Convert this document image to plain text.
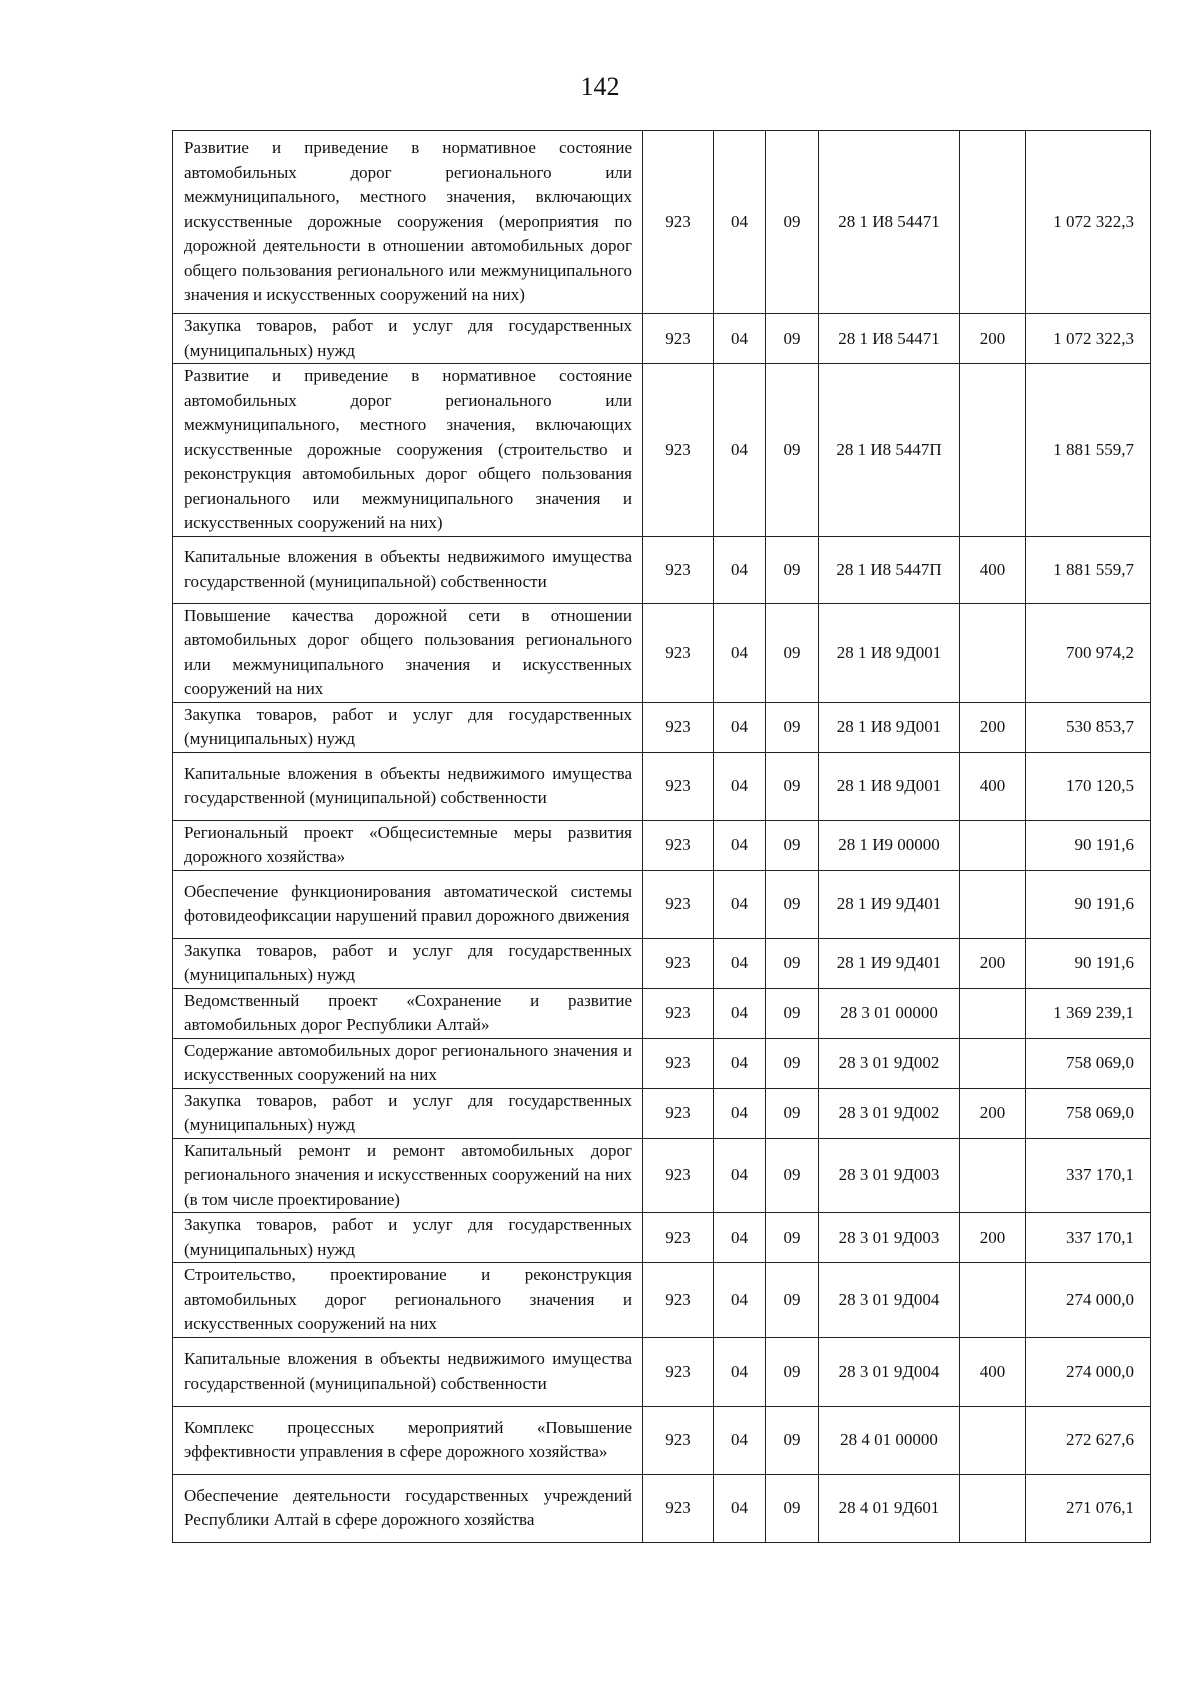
142
Развитие и приведение в нормативное состояние автомобильных дорог регионального или межмуниципального, местного значения, включающих искусственные дорожные сооружения (мероприятия по дорожной деятельности в отношении автомобильных дорог общего пользования регионального или межмуниципального значения и искусственных сооружений на них)	923	04	09	28 1 И8 54471		1 072 322,3
Закупка товаров, работ и услуг для государственных (муниципальных) нужд	923	04	09	28 1 И8 54471	200	1 072 322,3
Развитие и приведение в нормативное состояние автомобильных дорог регионального или межмуниципального, местного значения, включающих искусственные дорожные сооружения (строительство и реконструкция автомобильных дорог общего пользования регионального или межмуниципального значения и искусственных сооружений на них)	923	04	09	28 1 И8 5447П		1 881 559,7
Капитальные вложения в объекты недвижимого имущества государственной (муниципальной) собственности	923	04	09	28 1 И8 5447П	400	1 881 559,7
Повышение качества дорожной сети в отношении автомобильных дорог общего пользования регионального или межмуниципального значения и искусственных сооружений на них	923	04	09	28 1 И8 9Д001		700 974,2
Закупка товаров, работ и услуг для государственных (муниципальных) нужд	923	04	09	28 1 И8 9Д001	200	530 853,7
Капитальные вложения в объекты недвижимого имущества государственной (муниципальной) собственности	923	04	09	28 1 И8 9Д001	400	170 120,5
Региональный проект «Общесистемные меры развития дорожного хозяйства»	923	04	09	28 1 И9 00000		90 191,6
Обеспечение функционирования автоматической системы фотовидеофиксации нарушений правил дорожного движения	923	04	09	28 1 И9 9Д401		90 191,6
Закупка товаров, работ и услуг для государственных (муниципальных) нужд	923	04	09	28 1 И9 9Д401	200	90 191,6
Ведомственный проект «Сохранение и развитие автомобильных дорог Республики Алтай»	923	04	09	28 3 01 00000		1 369 239,1
Содержание автомобильных дорог регионального значения и искусственных сооружений на них	923	04	09	28 3 01 9Д002		758 069,0
Закупка товаров, работ и услуг для государственных (муниципальных) нужд	923	04	09	28 3 01 9Д002	200	758 069,0
Капитальный ремонт и ремонт автомобильных дорог регионального значения и искусственных сооружений на них (в том числе проектирование)	923	04	09	28 3 01 9Д003		337 170,1
Закупка товаров, работ и услуг для государственных (муниципальных) нужд	923	04	09	28 3 01 9Д003	200	337 170,1
Строительство, проектирование и реконструкция автомобильных дорог регионального значения и искусственных сооружений на них	923	04	09	28 3 01 9Д004		274 000,0
Капитальные вложения в объекты недвижимого имущества государственной (муниципальной) собственности	923	04	09	28 3 01 9Д004	400	274 000,0
Комплекс процессных мероприятий «Повышение эффективности управления в сфере дорожного хозяйства»	923	04	09	28 4 01 00000		272 627,6
Обеспечение деятельности государственных учреждений Республики Алтай в сфере дорожного хозяйства	923	04	09	28 4 01 9Д601		271 076,1
